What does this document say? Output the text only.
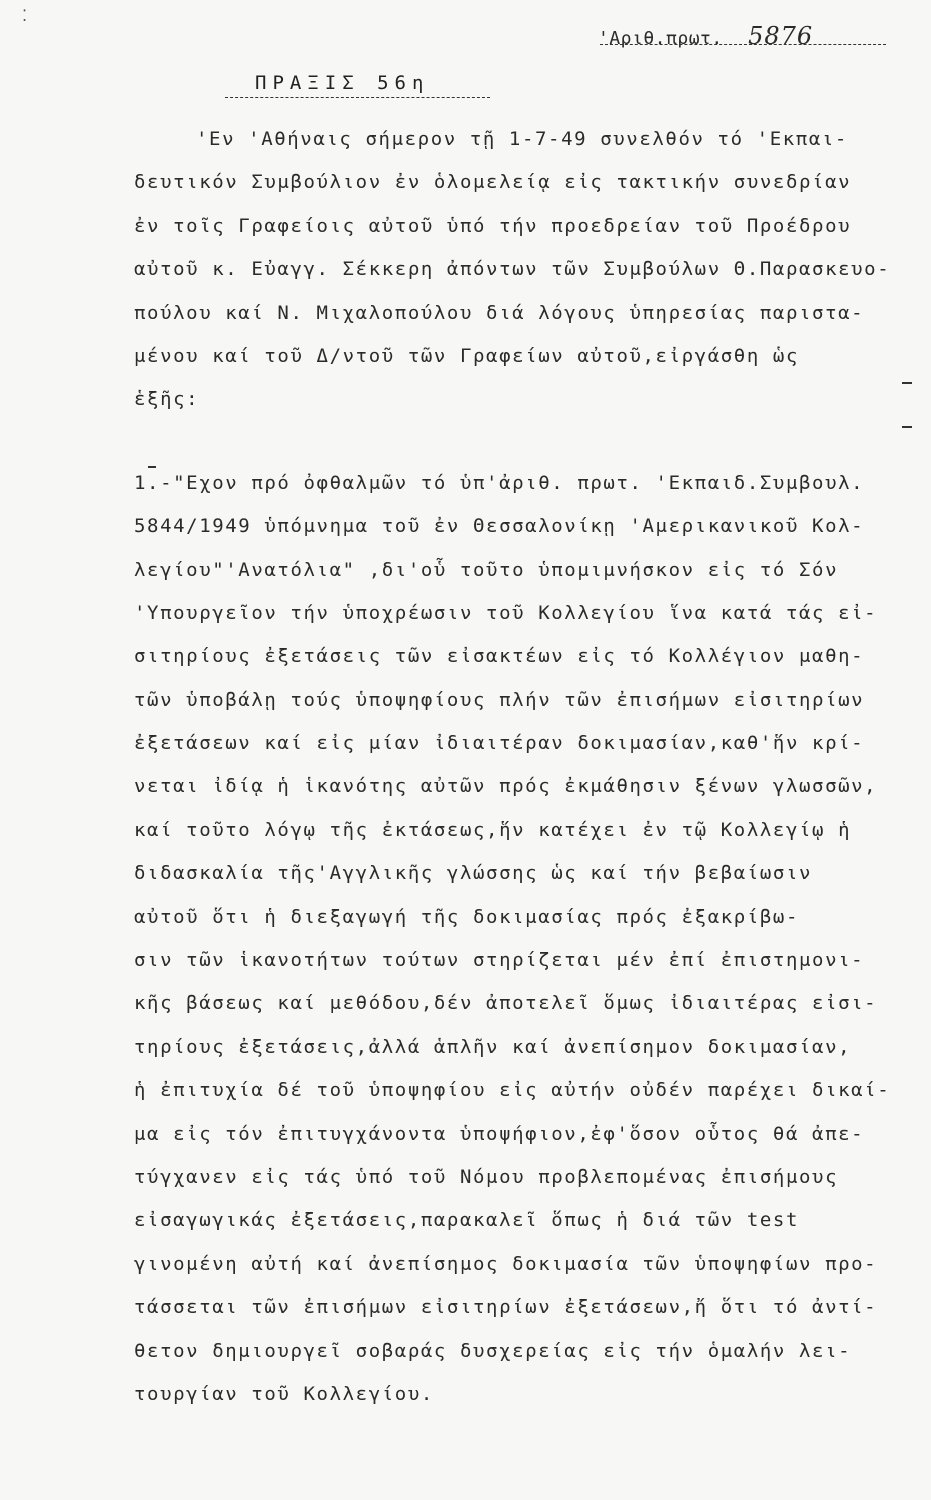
⁚
'Αριθ.πρωτ. 5876
ΠΡΑΞΙΣ 56η
'Εν 'Αθήναις σήμερον τῇ 1-7-49 συνελθόν τό 'Εκπαι-
δευτικόν Συμβούλιον ἐν ὁλομελείᾳ εἰς τακτικήν συνεδρίαν
ἐν τοῖς Γραφείοις αὐτοῦ ὑπό τήν προεδρείαν τοῦ Προέδρου
αὐτοῦ κ. Εὐαγγ. Σέκκερη ἀπόντων τῶν Συμβούλων Θ.Παρασκευο-
πούλου καί Ν. Μιχαλοπούλου διά λόγους ὑπηρεσίας παριστα-
μένου καί τοῦ Δ/ντοῦ τῶν Γραφείων αὐτοῦ,εἰργάσθη ὡς
ἑξῆς:
1.-"Εχον πρό ὀφθαλμῶν τό ὑπ'ἀριθ. πρωτ. 'Εκπαιδ.Συμβουλ.
5844/1949 ὑπόμνημα τοῦ ἐν Θεσσαλονίκῃ 'Αμερικανικοῦ Κολ-
λεγίου"'Ανατόλια" ,δι'οὗ τοῦτο ὑπομιμνήσκον εἰς τό Σόν
'Υπουργεῖον τήν ὑποχρέωσιν τοῦ Κολλεγίου ἵνα κατά τάς εἰ-
σιτηρίους ἐξετάσεις τῶν εἰσακτέων εἰς τό Κολλέγιον μαθη-
τῶν ὑποβάλῃ τούς ὑποψηφίους πλήν τῶν ἐπισήμων εἰσιτηρίων
ἐξετάσεων καί εἰς μίαν ἰδιαιτέραν δοκιμασίαν,καθ'ἥν κρί-
νεται ἰδίᾳ ἡ ἱκανότης αὐτῶν πρός ἐκμάθησιν ξένων γλωσσῶν,
καί τοῦτο λόγῳ τῆς ἐκτάσεως,ἥν κατέχει ἐν τῷ Κολλεγίῳ ἡ
διδασκαλία τῆς'Αγγλικῆς γλώσσης ὡς καί τήν βεβαίωσιν
αὐτοῦ ὅτι ἡ διεξαγωγή τῆς δοκιμασίας πρός ἐξακρίβω-
σιν τῶν ἱκανοτήτων τούτων στηρίζεται μέν ἐπί ἐπιστημονι-
κῆς βάσεως καί μεθόδου,δέν ἀποτελεῖ ὅμως ἰδιαιτέρας εἰσι-
τηρίους ἐξετάσεις,ἀλλά ἁπλῆν καί ἀνεπίσημον δοκιμασίαν,
ἡ ἐπιτυχία δέ τοῦ ὑποψηφίου εἰς αὐτήν οὐδέν παρέχει δικαί-
μα εἰς τόν ἐπιτυγχάνοντα ὑποψήφιον,ἐφ'ὅσον οὗτος θά ἀπε-
τύγχανεν εἰς τάς ὑπό τοῦ Νόμου προβλεπομένας ἐπισήμους
εἰσαγωγικάς ἐξετάσεις,παρακαλεῖ ὅπως ἡ διά τῶν test
γινομένη αὐτή καί ἀνεπίσημος δοκιμασία τῶν ὑποψηφίων προ-
τάσσεται τῶν ἐπισήμων εἰσιτηρίων ἐξετάσεων,ἤ ὅτι τό ἀντί-
θετον δημιουργεῖ σοβαράς δυσχερείας εἰς τήν ὁμαλήν λει-
τουργίαν τοῦ Κολλεγίου.
